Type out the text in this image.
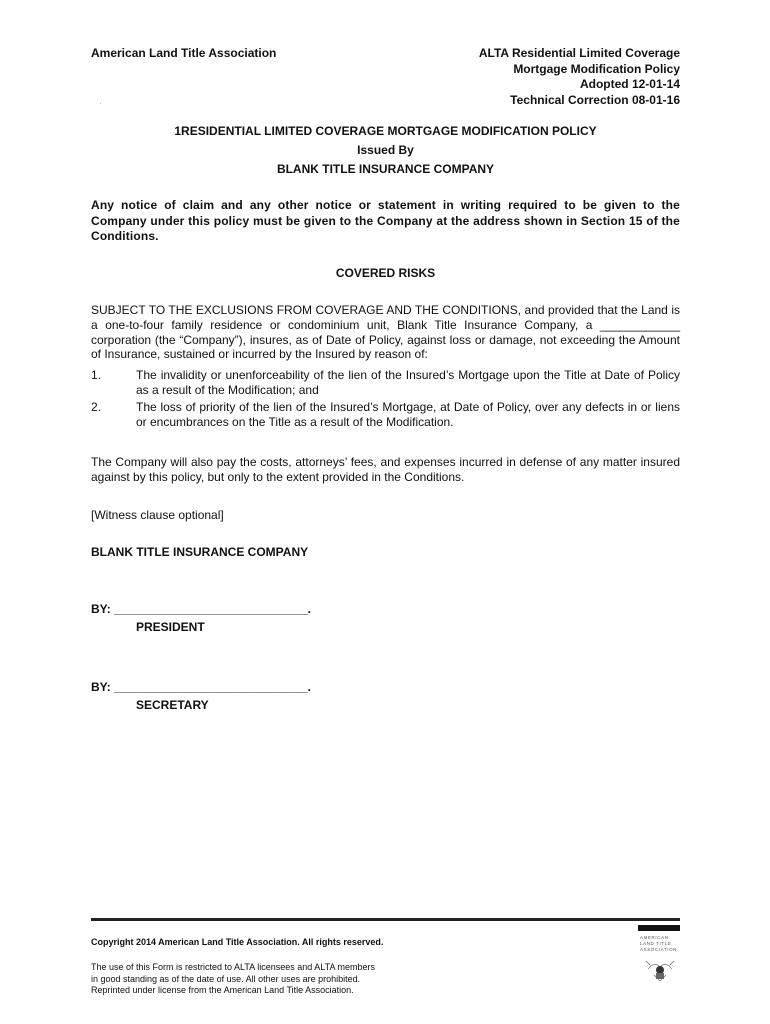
American Land Title Association	ALTA Residential Limited Coverage
Mortgage Modification Policy
Adopted 12-01-14
Technical Correction 08-01-16
1RESIDENTIAL LIMITED COVERAGE MORTGAGE MODIFICATION POLICY
Issued By
BLANK TITLE INSURANCE COMPANY
Any notice of claim and any other notice or statement in writing required to be given to the Company under this policy must be given to the Company at the address shown in Section 15 of the Conditions.
COVERED RISKS
SUBJECT TO THE EXCLUSIONS FROM COVERAGE AND THE CONDITIONS, and provided that the Land is a one-to-four family residence or condominium unit, Blank Title Insurance Company, a ____________ corporation (the “Company”), insures, as of Date of Policy, against loss or damage, not exceeding the Amount of Insurance, sustained or incurred by the Insured by reason of:
1.	The invalidity or unenforceability of the lien of the Insured’s Mortgage upon the Title at Date of Policy as a result of the Modification; and
2.	The loss of priority of the lien of the Insured’s Mortgage, at Date of Policy, over any defects in or liens or encumbrances on the Title as a result of the Modification.
The Company will also pay the costs, attorneys’ fees, and expenses incurred in defense of any matter insured against by this policy, but only to the extent provided in the Conditions.
[Witness clause optional]
BLANK TITLE INSURANCE COMPANY
BY: _____________________________.
PRESIDENT
BY: _____________________________.
SECRETARY
Copyright 2014 American Land Title Association. All rights reserved.
The use of this Form is restricted to ALTA licensees and ALTA members
in good standing as of the date of use. All other uses are prohibited.
Reprinted under license from the American Land Title Association.
AMERICAN
LAND TITLE
ASSOCIATION
